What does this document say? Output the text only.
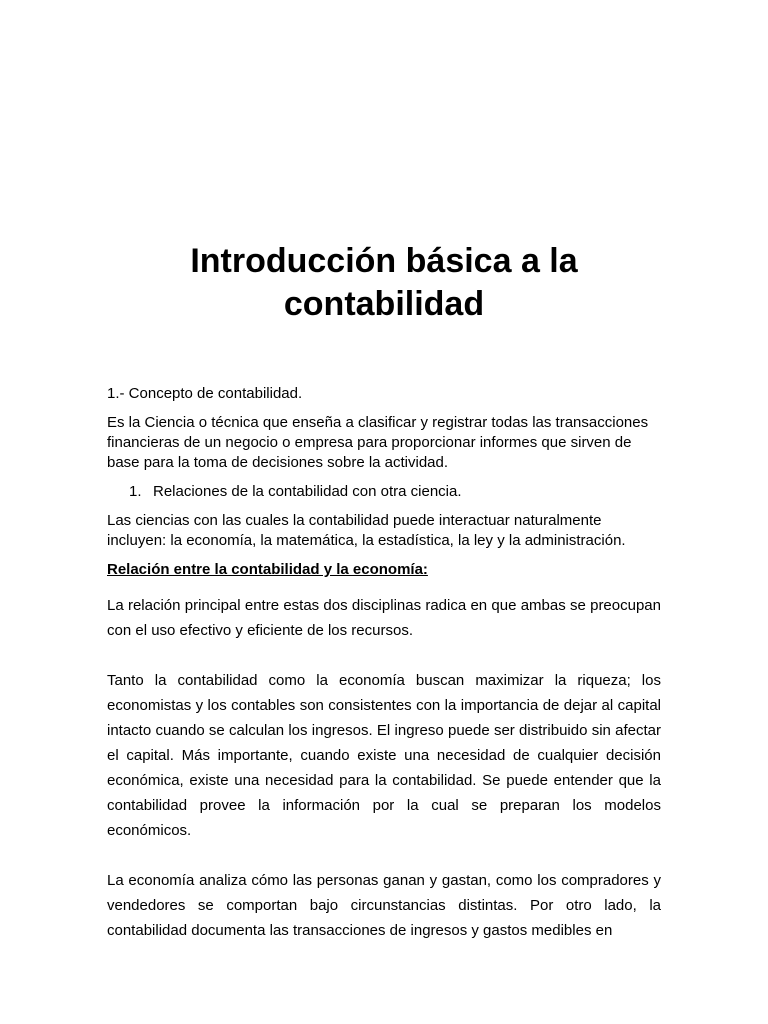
Introducción básica a la
contabilidad

1.- Concepto de contabilidad.

Es la Ciencia o técnica que enseña a clasificar y registrar todas las transacciones financieras de un negocio o empresa para proporcionar informes que sirven de base para la toma de decisiones sobre la actividad.

1. Relaciones de la contabilidad con otra ciencia.

Las ciencias con las cuales la contabilidad puede interactuar naturalmente incluyen: la economía, la matemática, la estadística, la ley y la administración.

Relación entre la contabilidad y la economía:

La relación principal entre estas dos disciplinas radica en que ambas se preocupan con el uso efectivo y eficiente de los recursos.

Tanto la contabilidad como la economía buscan maximizar la riqueza; los economistas y los contables son consistentes con la importancia de dejar al capital intacto cuando se calculan los ingresos. El ingreso puede ser distribuido sin afectar el capital. Más importante, cuando existe una necesidad de cualquier decisión económica, existe una necesidad para la contabilidad. Se puede entender que la contabilidad provee la información por la cual se preparan los modelos económicos.

La economía analiza cómo las personas ganan y gastan, como los compradores y vendedores se comportan bajo circunstancias distintas. Por otro lado, la contabilidad documenta las transacciones de ingresos y gastos medibles en
